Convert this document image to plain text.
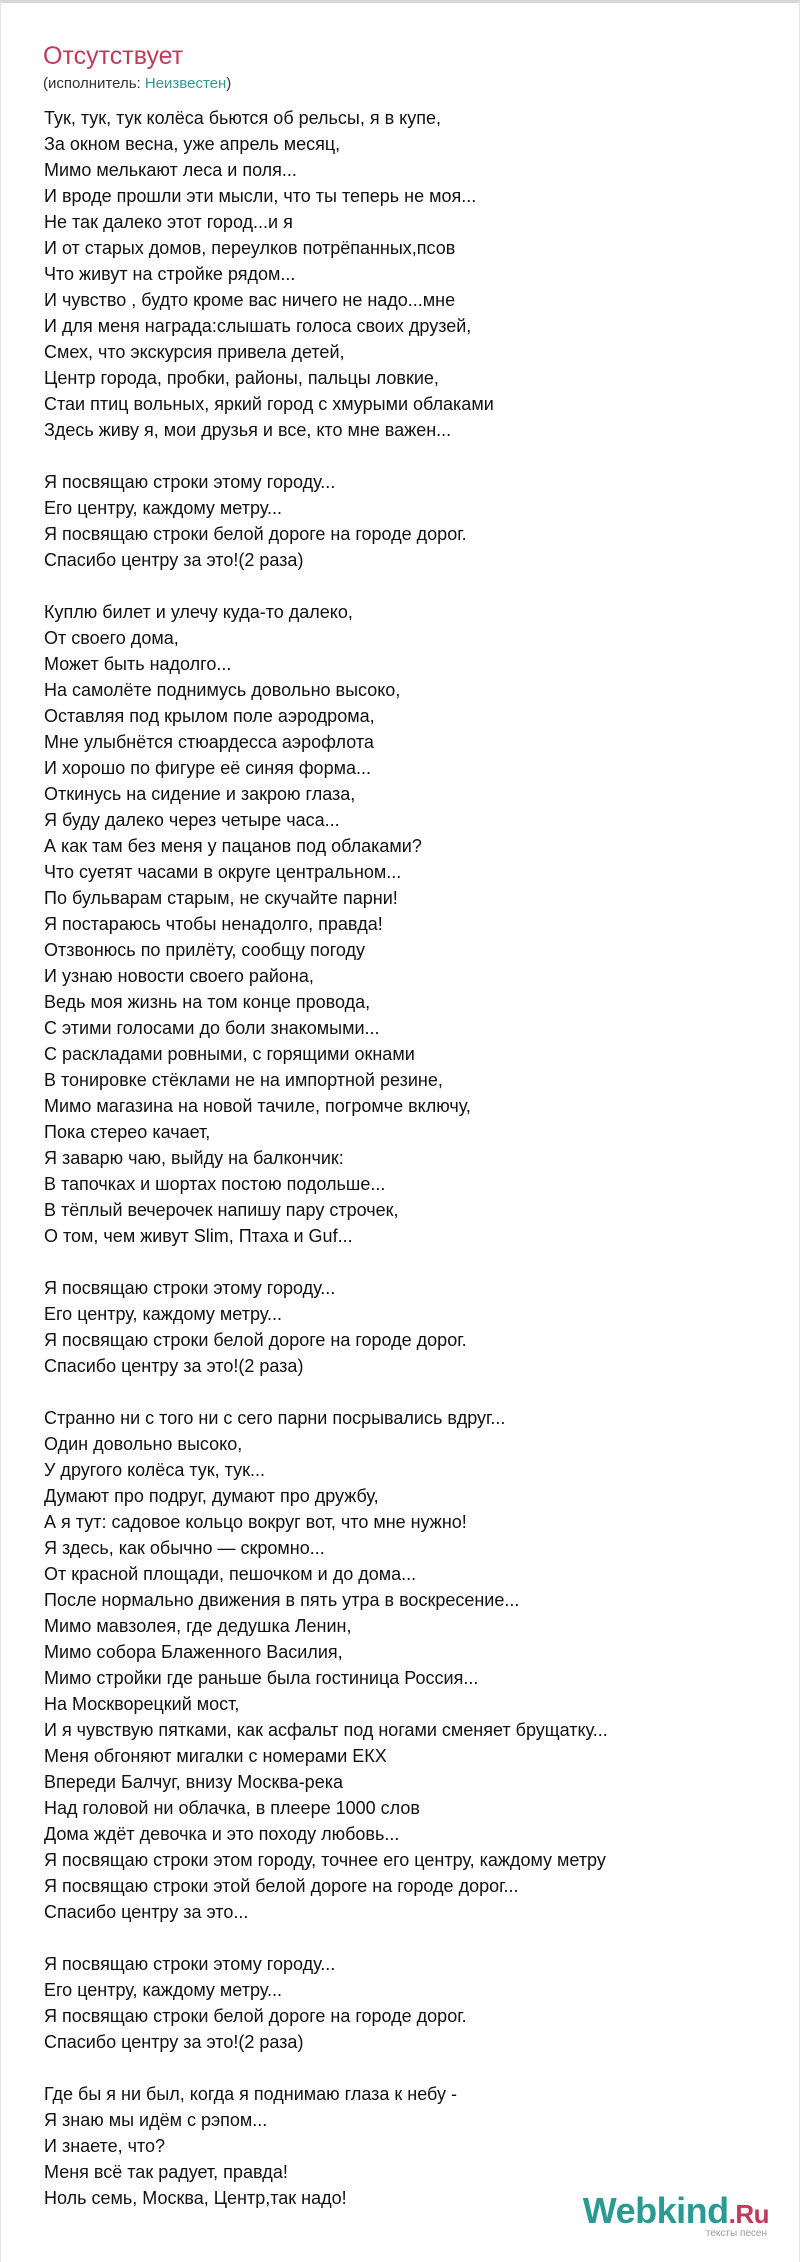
Отсутствует
(исполнитель: Неизвестен)
Тук, тук, тук колёса бьются об рельсы, я в купе,
За окном весна, уже апрель месяц,
Мимо мелькают леса и поля...
И вроде прошли эти мысли, что ты теперь не моя...
Не так далеко этот город...и я
И от старых домов, переулков потрёпанных,псов
Что живут на стройке рядом...
И чувство , будто кроме вас ничего не надо...мне
И для меня награда:слышать голоса своих друзей,
Смех, что экскурсия привела детей,
Центр города, пробки, районы, пальцы ловкие,
Стаи птиц вольных, яркий город с хмурыми облаками
Здесь живу я, мои друзья и все, кто мне важен...
Я посвящаю строки этому городу...
Его центру, каждому метру...
Я посвящаю строки белой дороге на городе дорог.
Спасибо центру за это!(2 раза)
Куплю билет и улечу куда-то далеко,
От своего дома,
Может быть надолго...
На самолёте поднимусь довольно высоко,
Оставляя под крылом поле аэродрома,
Мне улыбнётся стюардесса аэрофлота
И хорошо по фигуре её синяя форма...
Откинусь на сидение и закрою глаза,
Я буду далеко через четыре часа...
А как там без меня у пацанов под облаками?
Что суетят часами в округе центральном...
По бульварам старым, не скучайте парни!
Я постараюсь чтобы ненадолго, правда!
Отзвонюсь по прилёту, сообщу погоду
И узнаю новости своего района,
Ведь моя жизнь на том конце провода,
С этими голосами до боли знакомыми...
С раскладами ровными, с горящими окнами
В тонировке стёклами не на импортной резине,
Мимо магазина на новой тачиле, погромче включу,
Пока стерео качает,
Я заварю чаю, выйду на балкончик:
В тапочках и шортах постою подольше...
В тёплый вечерочек напишу пару строчек,
О том, чем живут Slim, Птаха и Guf...
Я посвящаю строки этому городу...
Его центру, каждому метру...
Я посвящаю строки белой дороге на городе дорог.
Спасибо центру за это!(2 раза)
Странно ни с того ни с сего парни посрывались вдруг...
Один довольно высоко,
У другого колёса тук, тук...
Думают про подруг, думают про дружбу,
А я тут: садовое кольцо вокруг вот, что мне нужно!
Я здесь, как обычно — скромно...
От красной площади, пешочком и до дома...
После нормально движения в пять утра в воскресение...
Мимо мавзолея, где дедушка Ленин,
Мимо собора Блаженного Василия,
Мимо стройки где раньше была гостиница Россия...
На Москворецкий мост,
И я чувствую пятками, как асфальт под ногами сменяет брущатку...
Меня обгоняют мигалки с номерами ЕКХ
Впереди Балчуг, внизу Москва-река
Над головой ни облачка, в плеере 1000 слов
Дома ждёт девочка и это походу любовь...
Я посвящаю строки этом городу, точнее его центру, каждому метру
Я посвящаю строки этой белой дороге на городе дорог...
Спасибо центру за это...
Я посвящаю строки этому городу...
Его центру, каждому метру...
Я посвящаю строки белой дороге на городе дорог.
Спасибо центру за это!(2 раза)
Где бы я ни был, когда я поднимаю глаза к небу -
Я знаю мы идём с рэпом...
И знаете, что?
Меня всё так радует, правда!
Ноль семь, Москва, Центр,так надо!	Webkind.Ru
тексты песен
